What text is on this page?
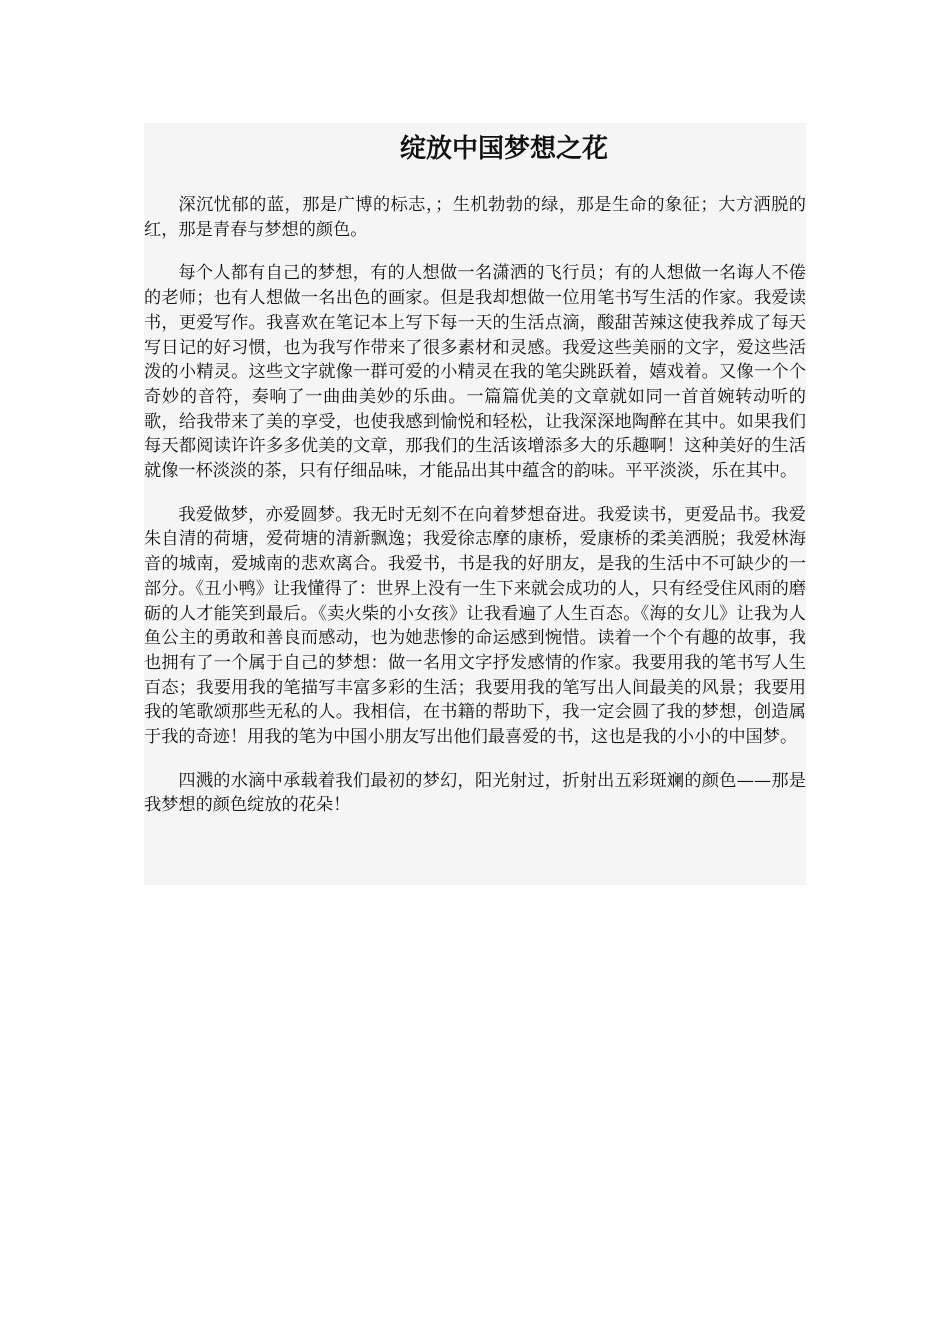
绽放中国梦想之花

深沉忧郁的蓝，那是广博的标志，；生机勃勃的绿，那是生命的象征；大方洒脱的红，那是青春与梦想的颜色。

每个人都有自己的梦想，有的人想做一名潇洒的飞行员；有的人想做一名诲人不倦的老师；也有人想做一名出色的画家。但是我却想做一位用笔书写生活的作家。我爱读书，更爱写作。我喜欢在笔记本上写下每一天的生活点滴，酸甜苦辣这使我养成了每天写日记的好习惯，也为我写作带来了很多素材和灵感。我爱这些美丽的文字，爱这些活泼的小精灵。这些文字就像一群可爱的小精灵在我的笔尖跳跃着，嬉戏着。又像一个个奇妙的音符，奏响了一曲曲美妙的乐曲。一篇篇优美的文章就如同一首首婉转动听的歌，给我带来了美的享受，也使我感到愉悦和轻松，让我深深地陶醉在其中。如果我们每天都阅读许许多多优美的文章，那我们的生活该增添多大的乐趣啊！这种美好的生活就像一杯淡淡的茶，只有仔细品味，才能品出其中蕴含的韵味。平平淡淡，乐在其中。

我爱做梦，亦爱圆梦。我无时无刻不在向着梦想奋进。我爱读书，更爱品书。我爱朱自清的荷塘，爱荷塘的清新飘逸；我爱徐志摩的康桥，爱康桥的柔美洒脱；我爱林海音的城南，爱城南的悲欢离合。我爱书，书是我的好朋友，是我的生活中不可缺少的一部分。《丑小鸭》让我懂得了：世界上没有一生下来就会成功的人，只有经受住风雨的磨砺的人才能笑到最后。《卖火柴的小女孩》让我看遍了人生百态。《海的女儿》让我为人鱼公主的勇敢和善良而感动，也为她悲惨的命运感到惋惜。读着一个个有趣的故事，我也拥有了一个属于自己的梦想：做一名用文字抒发感情的作家。我要用我的笔书写人生百态；我要用我的笔描写丰富多彩的生活；我要用我的笔写出人间最美的风景；我要用我的笔歌颂那些无私的人。我相信，在书籍的帮助下，我一定会圆了我的梦想，创造属于我的奇迹！用我的笔为中国小朋友写出他们最喜爱的书，这也是我的小小的中国梦。

四溅的水滴中承载着我们最初的梦幻，阳光射过，折射出五彩斑斓的颜色——那是我梦想的颜色绽放的花朵！
